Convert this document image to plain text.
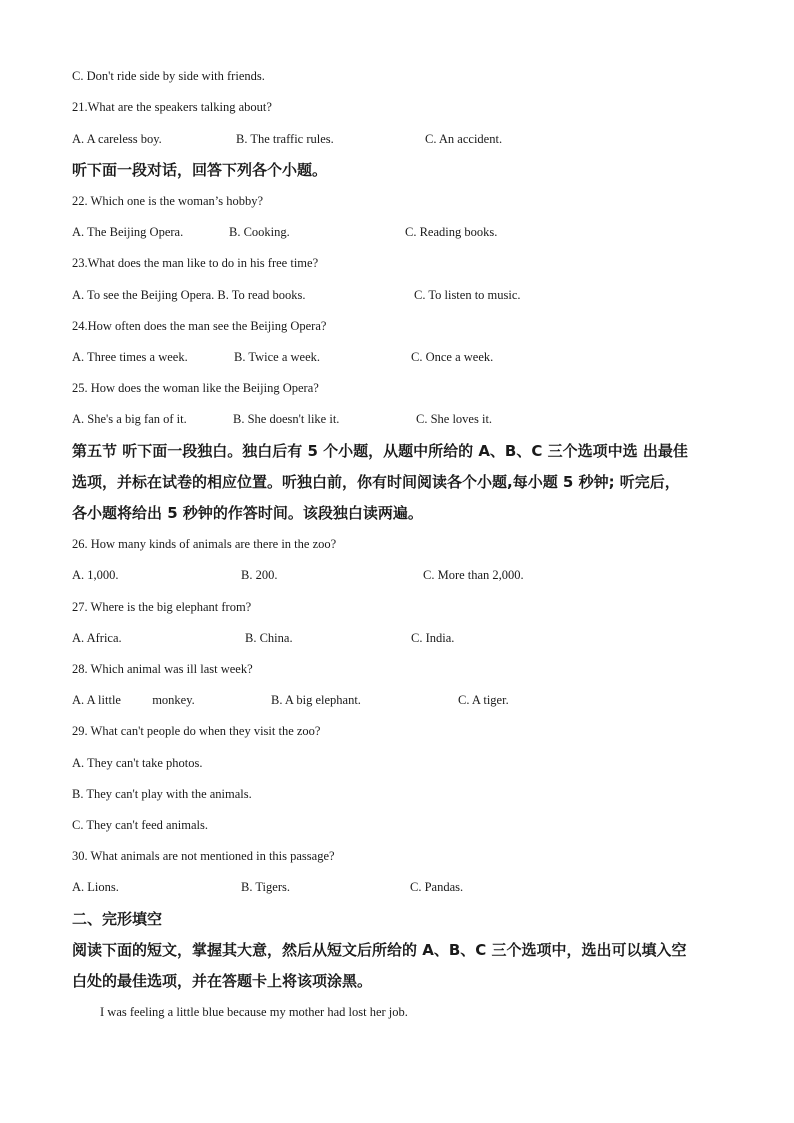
C. Don't ride side by side with friends.
21.What are the speakers talking about?
A. A careless boy.	B. The traffic rules.	C. An accident.
听下面一段对话，回答下列各个小题。
22. Which one is the woman’s hobby?
A. The Beijing Opera.	B. Cooking.	C. Reading books.
23.What does the man like to do in his free time?
A. To see the Beijing Opera. B. To read books.	C. To listen to music.
24.How often does the man see the Beijing Opera?
A. Three times a week.	B. Twice a week.	C. Once a week.
25. How does the woman like the Beijing Opera?
A. She's a big fan of it.	B. She doesn't like it.	C. She loves it.
第五节 听下面一段独白。独白后有 5 个小题，从题中所给的 A、B、C 三个选项中选 出最佳
选项，并标在试卷的相应位置。听独白前，你有时间阅读各个小题,每小题 5 秒钟; 听完后，
各小题将给出 5 秒钟的作答时间。该段独白读两遍。
26. How many kinds of animals are there in the zoo?
A. 1,000.	B. 200.	C. More than 2,000.
27. Where is the big elephant from?
A. Africa.	B. China.	C. India.
28. Which animal was ill last week?
A. A little          monkey.	B. A big elephant.	C. A tiger.
29. What can't people do when they visit the zoo?
A. They can't take photos.
B. They can't play with the animals.
C. They can't feed animals.
30. What animals are not mentioned in this passage?
A. Lions.	B. Tigers.	C. Pandas.
二、完形填空
阅读下面的短文，掌握其大意，然后从短文后所给的 A、B、C 三个选项中，选出可以填入空
白处的最佳选项，并在答题卡上将该项涂黑。
I was feeling a little blue because my mother had lost her job.
